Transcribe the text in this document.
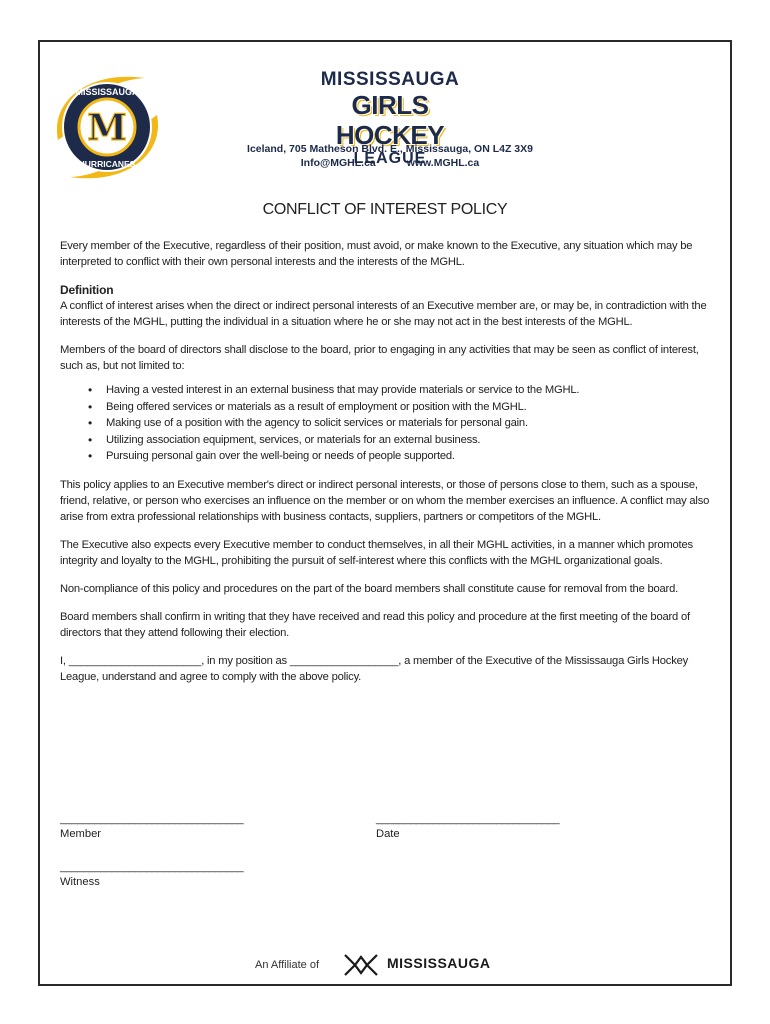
MISSISSAUGA
HURRICANES
M
MISSISSAUGA
GIRLS HOCKEY
LEAGUE
Iceland, 705 Matheson Blvd. E., Mississauga, ON L4Z 3X9
Info@MGHL.ca	www.MGHL.ca
CONFLICT OF INTEREST POLICY

Every member of the Executive, regardless of their position, must avoid, or make known to the Executive, any situation which may be interpreted to conflict with their own personal interests and the interests of the MGHL.

Definition

A conflict of interest arises when the direct or indirect personal interests of an Executive member are, or may be, in contradiction with the interests of the MGHL, putting the individual in a situation where he or she may not act in the best interests of the MGHL.

Members of the board of directors shall disclose to the board, prior to engaging in any activities that may be seen as conflict of interest, such as, but not limited to:
• Having a vested interest in an external business that may provide materials or service to the MGHL.
• Being offered services or materials as a result of employment or position with the MGHL.
• Making use of a position with the agency to solicit services or materials for personal gain.
• Utilizing association equipment, services, or materials for an external business.
• Pursuing personal gain over the well-being or needs of people supported.

This policy applies to an Executive member's direct or indirect personal interests, or those of persons close to them, such as a spouse, friend, relative, or person who exercises an influence on the member or on whom the member exercises an influence. A conflict may also arise from extra professional relationships with business contacts, suppliers, partners or competitors of the MGHL.

The Executive also expects every Executive member to conduct themselves, in all their MGHL activities, in a manner which promotes integrity and loyalty to the MGHL, prohibiting the pursuit of self-interest where this conflicts with the MGHL organizational goals.

Non-compliance of this policy and procedures on the part of the board members shall constitute cause for removal from the board.

Board members shall confirm in writing that they have received and read this policy and procedure at the first meeting of the board of directors that they attend following their election.

I, ______________________, in my position as __________________, a member of the Executive of the Mississauga Girls Hockey League, understand and agree to comply with the above policy.

________________________________
Member
________________________________
Date
________________________________
Witness
An Affiliate of	MISSISSAUGA
